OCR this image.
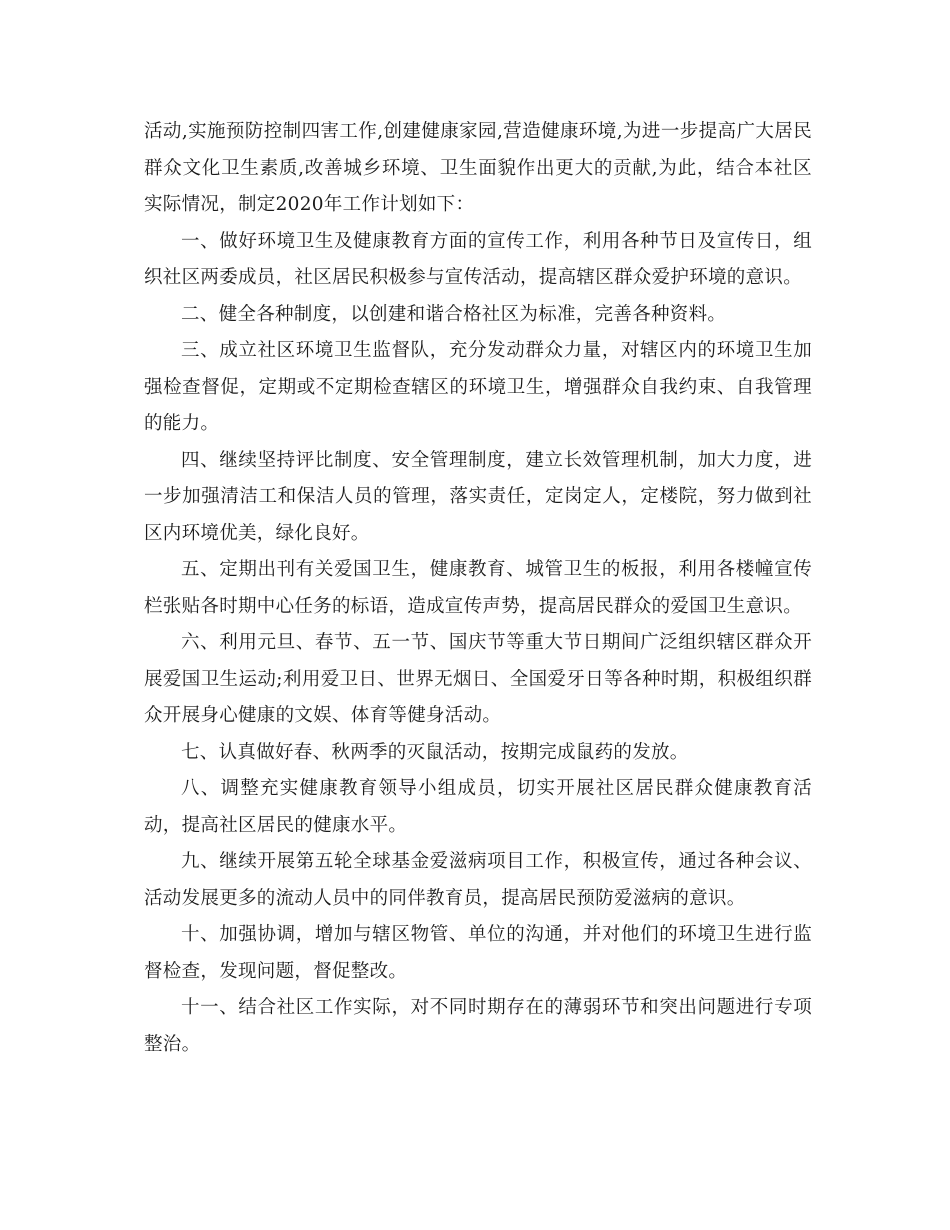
活动,实施预防控制四害工作,创建健康家园,营造健康环境,为进一步提高广大居民群众文化卫生素质,改善城乡环境、卫生面貌作出更大的贡献,为此，结合本社区实际情况，制定2020年工作计划如下：

一、做好环境卫生及健康教育方面的宣传工作，利用各种节日及宣传日，组织社区两委成员，社区居民积极参与宣传活动，提高辖区群众爱护环境的意识。

二、健全各种制度，以创建和谐合格社区为标准，完善各种资料。

三、成立社区环境卫生监督队，充分发动群众力量，对辖区内的环境卫生加强检查督促，定期或不定期检查辖区的环境卫生，增强群众自我约束、自我管理的能力。

四、继续坚持评比制度、安全管理制度，建立长效管理机制，加大力度，进一步加强清洁工和保洁人员的管理，落实责任，定岗定人，定楼院，努力做到社区内环境优美，绿化良好。

五、定期出刊有关爱国卫生，健康教育、城管卫生的板报，利用各楼幢宣传栏张贴各时期中心任务的标语，造成宣传声势，提高居民群众的爱国卫生意识。

六、利用元旦、春节、五一节、国庆节等重大节日期间广泛组织辖区群众开展爱国卫生运动;利用爱卫日、世界无烟日、全国爱牙日等各种时期，积极组织群众开展身心健康的文娱、体育等健身活动。

七、认真做好春、秋两季的灭鼠活动，按期完成鼠药的发放。

八、调整充实健康教育领导小组成员，切实开展社区居民群众健康教育活动，提高社区居民的健康水平。

九、继续开展第五轮全球基金爱滋病项目工作，积极宣传，通过各种会议、活动发展更多的流动人员中的同伴教育员，提高居民预防爱滋病的意识。

十、加强协调，增加与辖区物管、单位的沟通，并对他们的环境卫生进行监督检查，发现问题，督促整改。

十一、结合社区工作实际，对不同时期存在的薄弱环节和突出问题进行专项整治。
